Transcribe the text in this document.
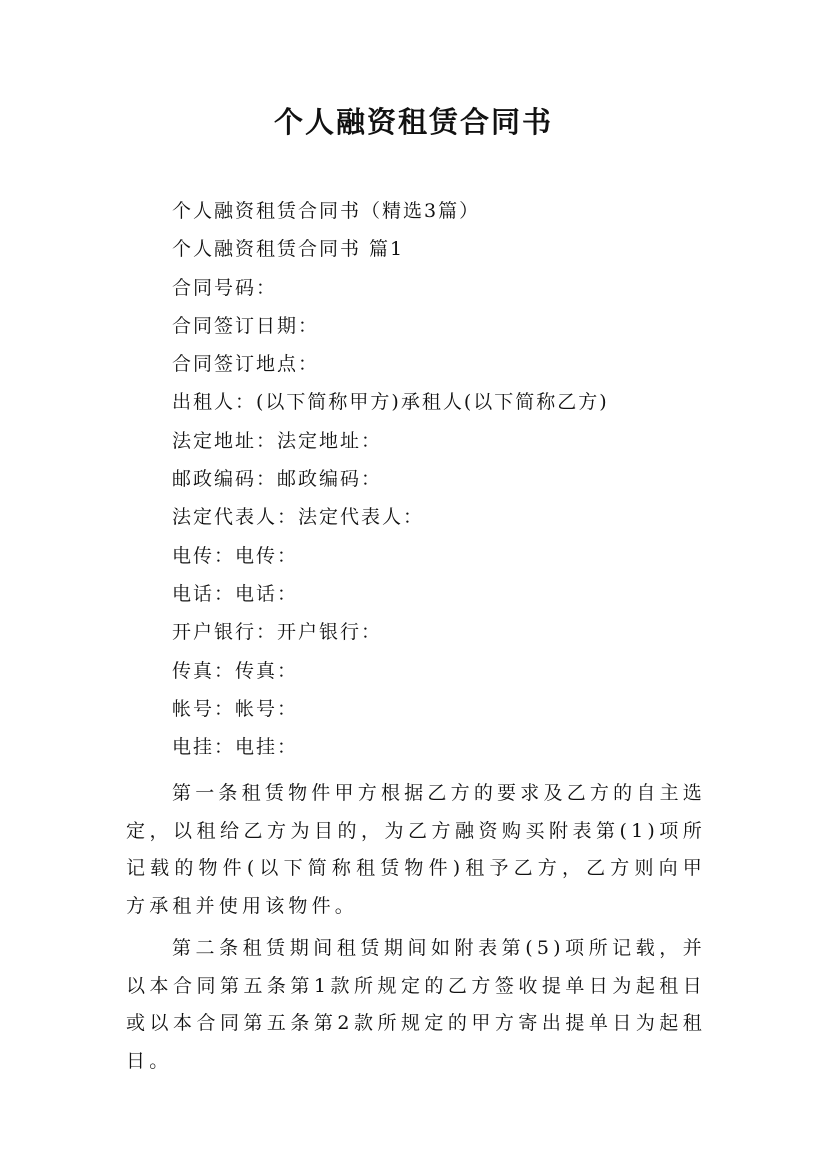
个人融资租赁合同书
个人融资租赁合同书（精选3篇）
个人融资租赁合同书 篇1
合同号码：
合同签订日期：
合同签订地点：
出租人：(以下简称甲方)承租人(以下简称乙方)
法定地址：法定地址：
邮政编码：邮政编码：
法定代表人：法定代表人：
电传：电传：
电话：电话：
开户银行：开户银行：
传真：传真：
帐号：帐号：
电挂：电挂：

第一条租赁物件甲方根据乙方的要求及乙方的自主选定，以租给乙方为目的，为乙方融资购买附表第(1)项所记载的物件(以下简称租赁物件)租予乙方，乙方则向甲方承租并使用该物件。

第二条租赁期间租赁期间如附表第(5)项所记载，并以本合同第五条第1款所规定的乙方签收提单日为起租日或以本合同第五条第2款所规定的甲方寄出提单日为起租日。
